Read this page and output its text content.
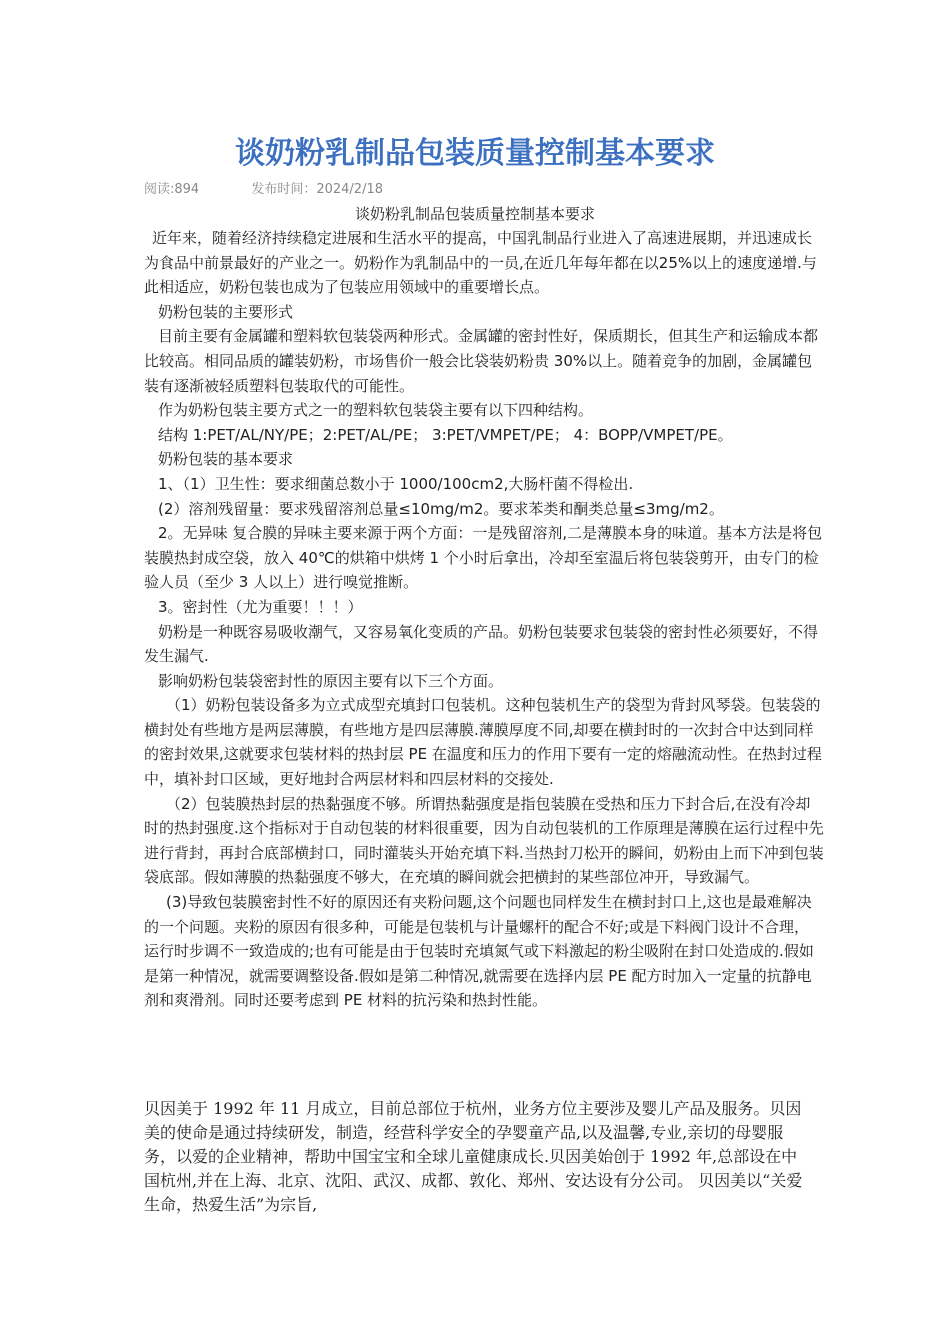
谈奶粉乳制品包装质量控制基本要求
阅读:894	发布时间：2024/2/18
谈奶粉乳制品包装质量控制基本要求

近年来，随着经济持续稳定进展和生活水平的提高，中国乳制品行业进入了高速进展期，并迅速成长为食品中前景最好的产业之一。奶粉作为乳制品中的一员,在近几年每年都在以25%以上的速度递增.与此相适应，奶粉包装也成为了包装应用领域中的重要增长点。

奶粉包装的主要形式

目前主要有金属罐和塑料软包装袋两种形式。金属罐的密封性好，保质期长，但其生产和运输成本都比较高。相同品质的罐装奶粉，市场售价一般会比袋装奶粉贵 30%以上。随着竞争的加剧，金属罐包装有逐渐被轻质塑料包装取代的可能性。

作为奶粉包装主要方式之一的塑料软包装袋主要有以下四种结构。

结构 1:PET/AL/NY/PE；2:PET/AL/PE； 3:PET/VMPET/PE； 4：BOPP/VMPET/PE。

奶粉包装的基本要求

1、（1）卫生性：要求细菌总数小于 1000/100cm2,大肠杆菌不得检出.

(2）溶剂残留量：要求残留溶剂总量≤10mg/m2。要求苯类和酮类总量≤3mg/m2。

2。无异味 复合膜的异味主要来源于两个方面：一是残留溶剂,二是薄膜本身的味道。基本方法是将包装膜热封成空袋，放入 40℃的烘箱中烘烤 1 个小时后拿出，冷却至室温后将包装袋剪开，由专门的检验人员（至少 3 人以上）进行嗅觉推断。

3。密封性（尤为重要！！！）

奶粉是一种既容易吸收潮气，又容易氧化变质的产品。奶粉包装要求包装袋的密封性必须要好，不得发生漏气.

影响奶粉包装袋密封性的原因主要有以下三个方面。

（1）奶粉包装设备多为立式成型充填封口包装机。这种包装机生产的袋型为背封风琴袋。包装袋的横封处有些地方是两层薄膜，有些地方是四层薄膜.薄膜厚度不同,却要在横封时的一次封合中达到同样的密封效果,这就要求包装材料的热封层 PE 在温度和压力的作用下要有一定的熔融流动性。在热封过程中，填补封口区域，更好地封合两层材料和四层材料的交接处.

（2）包装膜热封层的热黏强度不够。所谓热黏强度是指包装膜在受热和压力下封合后,在没有冷却时的热封强度.这个指标对于自动包装的材料很重要，因为自动包装机的工作原理是薄膜在运行过程中先进行背封，再封合底部横封口，同时灌装头开始充填下料.当热封刀松开的瞬间，奶粉由上而下冲到包装袋底部。假如薄膜的热黏强度不够大，在充填的瞬间就会把横封的某些部位冲开，导致漏气。

(3)导致包装膜密封性不好的原因还有夹粉问题,这个问题也同样发生在横封封口上,这也是最难解决的一个问题。夹粉的原因有很多种，可能是包装机与计量螺杆的配合不好;或是下料阀门设计不合理，运行时步调不一致造成的;也有可能是由于包装时充填氮气或下料激起的粉尘吸附在封口处造成的.假如是第一种情况，就需要调整设备.假如是第二种情况,就需要在选择内层 PE 配方时加入一定量的抗静电剂和爽滑剂。同时还要考虑到 PE 材料的抗污染和热封性能。

贝因美于 1992 年 11 月成立，目前总部位于杭州，业务方位主要涉及婴儿产品及服务。贝因美的使命是通过持续研发，制造，经营科学安全的孕婴童产品,以及温馨,专业,亲切的母婴服务，以爱的企业精神，帮助中国宝宝和全球儿童健康成长.贝因美始创于 1992 年,总部设在中国杭州,并在上海、北京、沈阳、武汉、成都、敦化、郑州、安达设有分公司。 贝因美以“关爱生命，热爱生活”为宗旨,
